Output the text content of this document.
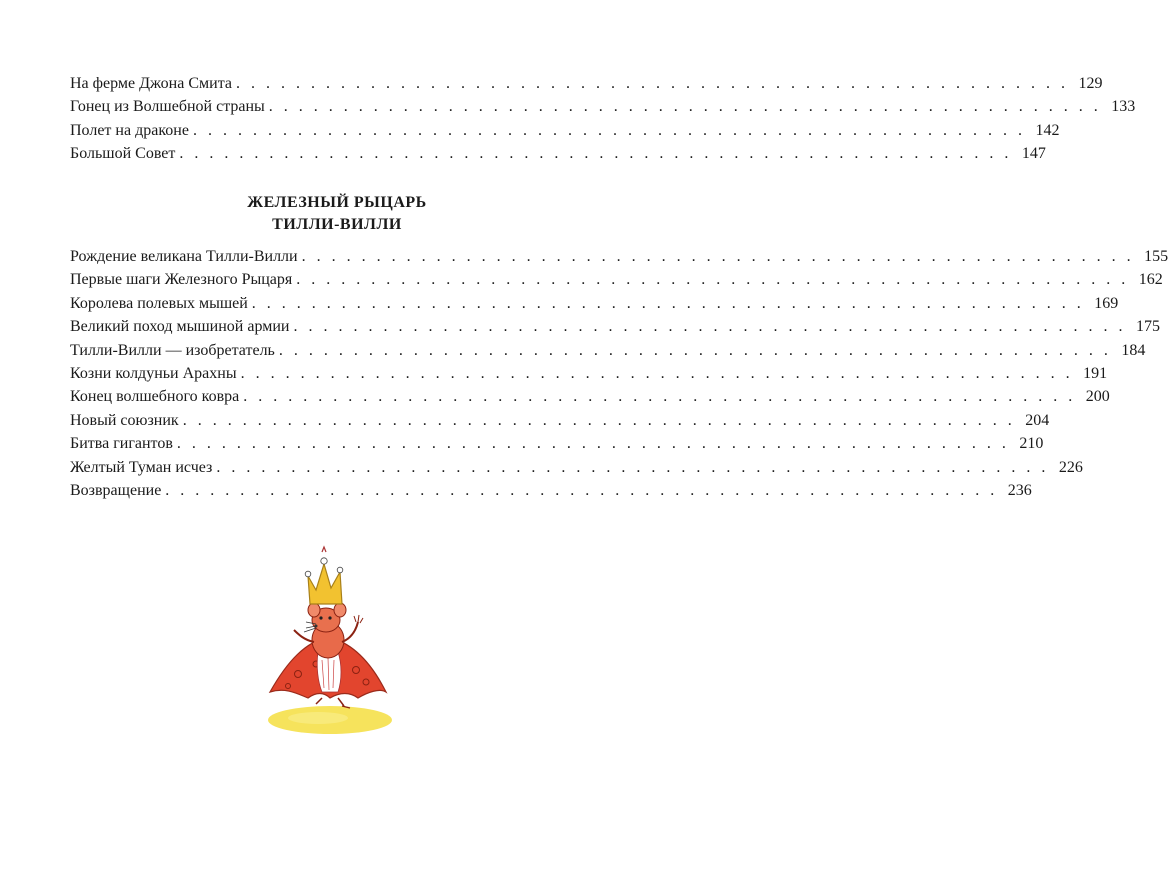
На ферме Джона Смита . . . . . . . . . . . . . . . . . . . . . . . . . . . . . . . . . . . . . . . . . . . . . . . . . . . . . . . . 129
Гонец из Волшебной страны . . . . . . . . . . . . . . . . . . . . . . . . . . . . . . . . . . . . . . . . . . . . . . . . . . . . . . . . 133
Полет на драконе . . . . . . . . . . . . . . . . . . . . . . . . . . . . . . . . . . . . . . . . . . . . . . . . . . . . . . . . 142
Большой Совет . . . . . . . . . . . . . . . . . . . . . . . . . . . . . . . . . . . . . . . . . . . . . . . . . . . . . . . . 147
ЖЕЛЕЗНЫЙ РЫЦАРЬ
ТИЛЛИ-ВИЛЛИ
Рождение великана Тилли-Вилли . . . . . . . . . . . . . . . . . . . . . . . . . . . . . . . . . . . . . . . . . . . . . . . . . . . . . . . . 155
Первые шаги Железного Рыцаря . . . . . . . . . . . . . . . . . . . . . . . . . . . . . . . . . . . . . . . . . . . . . . . . . . . . . . . . 162
Королева полевых мышей . . . . . . . . . . . . . . . . . . . . . . . . . . . . . . . . . . . . . . . . . . . . . . . . . . . . . . . . 169
Великий поход мышиной армии . . . . . . . . . . . . . . . . . . . . . . . . . . . . . . . . . . . . . . . . . . . . . . . . . . . . . . . . 175
Тилли-Вилли — изобретатель . . . . . . . . . . . . . . . . . . . . . . . . . . . . . . . . . . . . . . . . . . . . . . . . . . . . . . . . 184
Козни колдуньи Арахны . . . . . . . . . . . . . . . . . . . . . . . . . . . . . . . . . . . . . . . . . . . . . . . . . . . . . . . . 191
Конец волшебного ковра . . . . . . . . . . . . . . . . . . . . . . . . . . . . . . . . . . . . . . . . . . . . . . . . . . . . . . . . 200
Новый союзник . . . . . . . . . . . . . . . . . . . . . . . . . . . . . . . . . . . . . . . . . . . . . . . . . . . . . . . . 204
Битва гигантов . . . . . . . . . . . . . . . . . . . . . . . . . . . . . . . . . . . . . . . . . . . . . . . . . . . . . . . . 210
Желтый Туман исчез . . . . . . . . . . . . . . . . . . . . . . . . . . . . . . . . . . . . . . . . . . . . . . . . . . . . . . . . 226
Возвращение . . . . . . . . . . . . . . . . . . . . . . . . . . . . . . . . . . . . . . . . . . . . . . . . . . . . . . . . 236
